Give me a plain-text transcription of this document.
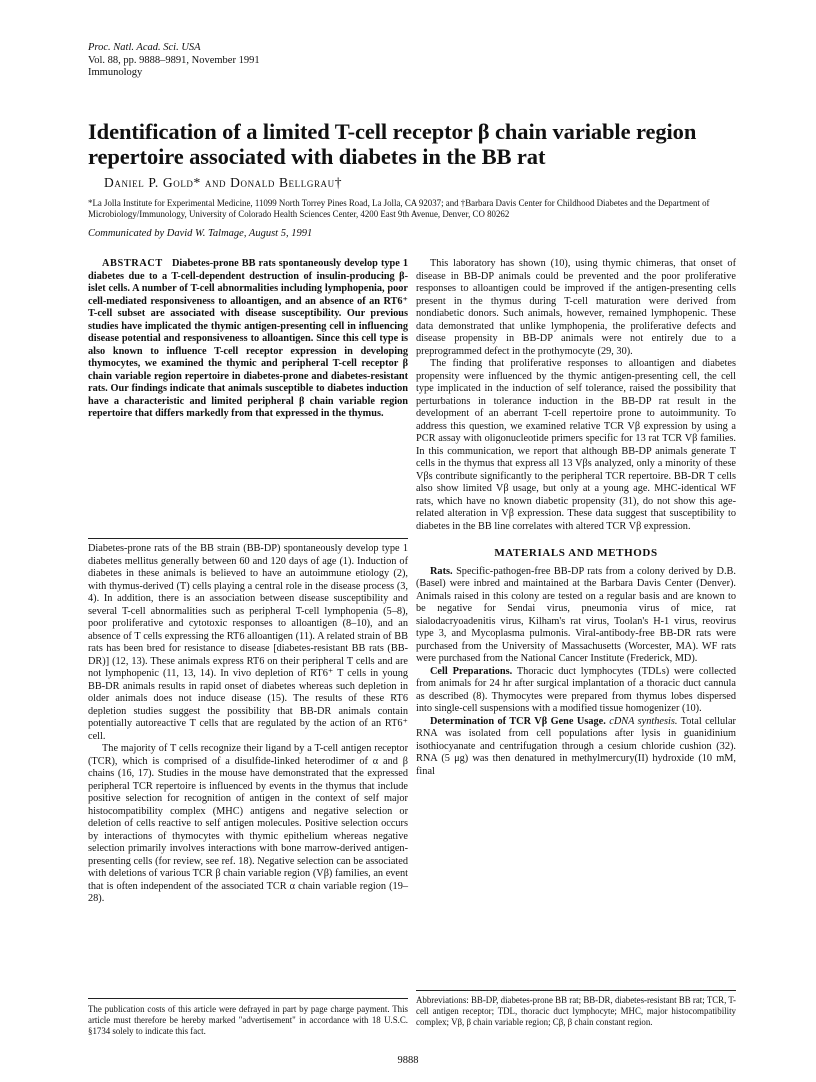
Proc. Natl. Acad. Sci. USA
Vol. 88, pp. 9888–9891, November 1991
Immunology
Identification of a limited T-cell receptor β chain variable region repertoire associated with diabetes in the BB rat
Daniel P. Gold* and Donald Bellgrau†
*La Jolla Institute for Experimental Medicine, 11099 North Torrey Pines Road, La Jolla, CA 92037; and †Barbara Davis Center for Childhood Diabetes and the Department of Microbiology/Immunology, University of Colorado Health Sciences Center, 4200 East 9th Avenue, Denver, CO 80262
Communicated by David W. Talmage, August 5, 1991

ABSTRACT Diabetes-prone BB rats spontaneously develop type 1 diabetes due to a T-cell-dependent destruction of insulin-producing β-islet cells. A number of T-cell abnormalities including lymphopenia, poor cell-mediated responsiveness to alloantigen, and an absence of an RT6⁺ T-cell subset are associated with disease susceptibility. Our previous studies have implicated the thymic antigen-presenting cell in influencing disease potential and responsiveness to alloantigen. Since this cell type is also known to influence T-cell receptor expression in developing thymocytes, we examined the thymic and peripheral T-cell receptor β chain variable region repertoire in diabetes-prone and diabetes-resistant rats. Our findings indicate that animals susceptible to diabetes induction have a characteristic and limited peripheral β chain variable region repertoire that differs markedly from that expressed in the thymus.

Diabetes-prone rats of the BB strain (BB-DP) spontaneously develop type 1 diabetes mellitus generally between 60 and 120 days of age (1). Induction of diabetes in these animals is believed to have an autoimmune etiology (2), with thymus-derived (T) cells playing a central role in the disease process (3, 4). In addition, there is an association between disease susceptibility and several T-cell abnormalities such as peripheral T-cell lymphopenia (5–8), poor proliferative and cytotoxic responses to alloantigen (8–10), and an absence of T cells expressing the RT6 alloantigen (11). A related strain of BB rats has been bred for resistance to disease [diabetes-resistant BB rats (BB-DR)] (12, 13). These animals express RT6 on their peripheral T cells and are not lymphopenic (11, 13, 14). In vivo depletion of RT6⁺ T cells in young BB-DR animals results in rapid onset of diabetes whereas such depletion in older animals does not induce disease (15). The results of these RT6 depletion studies suggest the possibility that BB-DR animals contain potentially autoreactive T cells that are regulated by the action of an RT6⁺ cell.

The majority of T cells recognize their ligand by a T-cell antigen receptor (TCR), which is comprised of a disulfide-linked heterodimer of α and β chains (16, 17). Studies in the mouse have demonstrated that the expressed peripheral TCR repertoire is influenced by events in the thymus that include positive selection for recognition of antigen in the context of self major histocompatibility complex (MHC) antigens and negative selection or deletion of cells reactive to self antigen molecules. Positive selection occurs by interactions of thymocytes with thymic epithelium whereas negative selection primarily involves interactions with bone marrow-derived antigen-presenting cells (for review, see ref. 18). Negative selection can be associated with deletions of various TCR β chain variable region (Vβ) families, an event that is often independent of the associated TCR α chain variable region (19–28).

The publication costs of this article were defrayed in part by page charge payment. This article must therefore be hereby marked "advertisement" in accordance with 18 U.S.C. §1734 solely to indicate this fact.

This laboratory has shown (10), using thymic chimeras, that onset of disease in BB-DP animals could be prevented and the poor proliferative responses to alloantigen could be improved if the antigen-presenting cells present in the thymus during T-cell maturation were derived from nondiabetic donors. Such animals, however, remained lymphopenic. These data demonstrated that unlike lymphopenia, the proliferative defects and disease propensity in BB-DP animals were not entirely due to a preprogrammed defect in the prothymocyte (29, 30).

The finding that proliferative responses to alloantigen and diabetes propensity were influenced by the thymic antigen-presenting cell, the cell type implicated in the induction of self tolerance, raised the possibility that perturbations in tolerance induction in the BB-DP rat result in the development of an aberrant T-cell repertoire prone to autoimmunity. To address this question, we examined relative TCR Vβ expression by using a PCR assay with oligonucleotide primers specific for 13 rat TCR Vβ families. In this communication, we report that although BB-DP animals generate T cells in the thymus that express all 13 Vβs analyzed, only a minority of these Vβs contribute significantly to the peripheral TCR repertoire. BB-DR T cells also show limited Vβ usage, but only at a young age. MHC-identical WF rats, which have no known diabetic propensity (31), do not show this age-related alteration in Vβ expression. These data suggest that susceptibility to diabetes in the BB line correlates with altered TCR Vβ expression.

MATERIALS AND METHODS

Rats. Specific-pathogen-free BB-DP rats from a colony derived by D.B. (Basel) were inbred and maintained at the Barbara Davis Center (Denver). Animals raised in this colony are tested on a regular basis and are known to be negative for Sendai virus, pneumonia virus of mice, rat sialodacryoadenitis virus, Kilham's rat virus, Toolan's H-1 virus, reovirus type 3, and Mycoplasma pulmonis. Viral-antibody-free BB-DR rats were purchased from the University of Massachusetts (Worcester, MA). WF rats were purchased from the National Cancer Institute (Frederick, MD).

Cell Preparations. Thoracic duct lymphocytes (TDLs) were collected from animals for 24 hr after surgical implantation of a thoracic duct cannula as described (8). Thymocytes were prepared from thymus lobes dispersed into single-cell suspensions with a modified tissue homogenizer (10).

Determination of TCR Vβ Gene Usage. cDNA synthesis. Total cellular RNA was isolated from cell populations after lysis in guanidinium isothiocyanate and centrifugation through a cesium chloride cushion (32). RNA (5 μg) was then denatured in methylmercury(II) hydroxide (10 mM, final

Abbreviations: BB-DP, diabetes-prone BB rat; BB-DR, diabetes-resistant BB rat; TCR, T-cell antigen receptor; TDL, thoracic duct lymphocyte; MHC, major histocompatibility complex; Vβ, β chain variable region; Cβ, β chain constant region.
9888
